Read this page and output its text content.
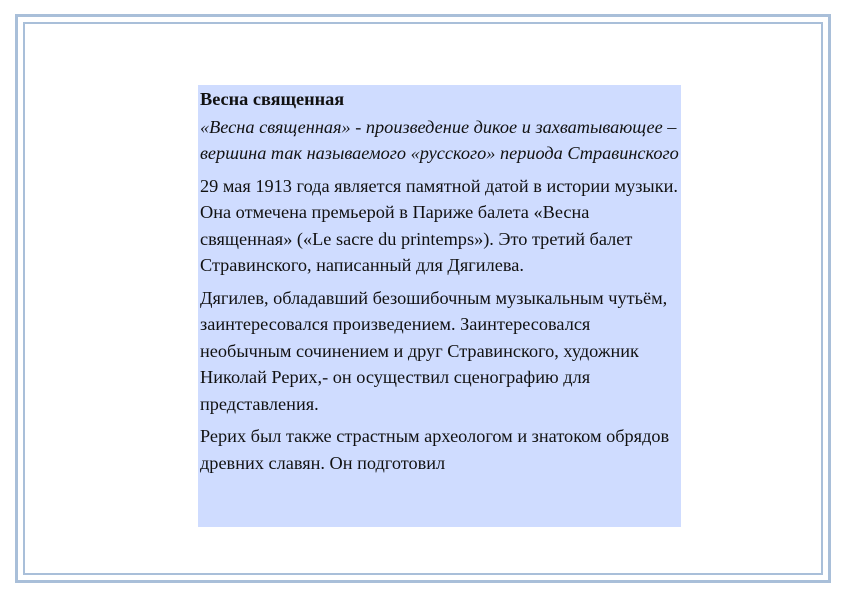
Весна священная

«Весна священная» - произведение дикое и захватывающее – вершина так называемого «русского» периода Стравинского

29 мая 1913 года является памятной датой в истории музыки. Она отмечена премьерой в Париже балета «Весна священная» («Le sacre du printemps»). Это третий балет Стравинского, написанный для Дягилева.

Дягилев, обладавший безошибочным музыкальным чутьём, заинтересовался произведением. Заинтересовался необычным сочинением и друг Стравинского, художник Николай Рерих,- он осуществил сценографию для представления.

Рерих был также страстным археологом и знатоком обрядов древних славян. Он подготовил
